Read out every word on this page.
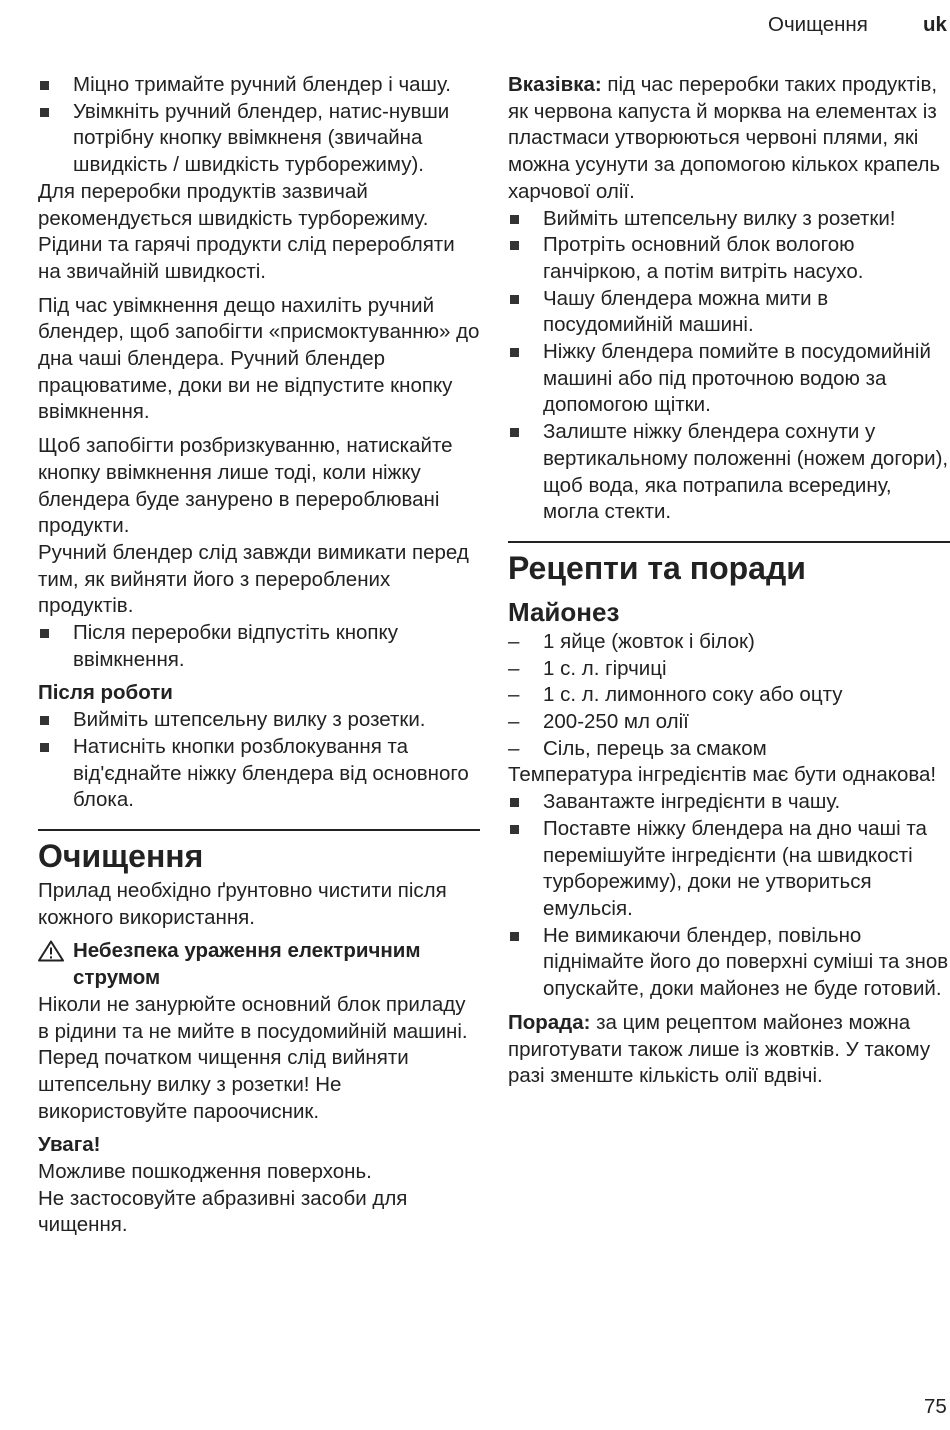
Очищення	uk

Міцно тримайте ручний блендер і чашу.

Увімкніть ручний блендер, натис-нувши потрібну кнопку ввімкненя (звичайна швидкість / швидкість турборежиму).

Для переробки продуктів зазвичай рекомендується швидкість турборежиму. Рідини та гарячі продукти слід переробляти на звичайній швидкості.

Під час увімкнення дещо нахиліть ручний блендер, щоб запобігти «присмоктуванню» до дна чаші блендера. Ручний блендер працюватиме, доки ви не відпустите кнопку ввімкнення.

Щоб запобігти розбризкуванню, натискайте кнопку ввімкнення лише тоді, коли ніжку блендера буде занурено в перероблювані продукти.

Ручний блендер слід завжди вимикати перед тим, як вийняти його з перероблених продуктів.

Після переробки відпустіть кнопку ввімкнення.

Після роботи

Вийміть штепсельну вилку з розетки.

Натисніть кнопки розблокування та від'єднайте ніжку блендера від основного блока.

Очищення

Прилад необхідно ґрунтовно чистити після кожного використання.

Небезпека ураження електричним струмом

Ніколи не занурюйте основний блок приладу в рідини та не мийте в посудомийній машині. Перед початком чищення слід вийняти штепсельну вилку з розетки! Не використовуйте пароочисник.

Увага!

Можливе пошкодження поверхонь.

Не застосовуйте абразивні засоби для чищення.

Вказівка: під час переробки таких продуктів, як червона капуста й морква на елементах із пластмаси утворюються червоні плями, які можна усунути за допомогою кількох крапель харчової олії.

Вийміть штепсельну вилку з розетки!

Протріть основний блок вологою ганчіркою, а потім витріть насухо.

Чашу блендера можна мити в посудомийній машині.

Ніжку блендера помийте в посудомийній машині або під проточною водою за допомогою щітки.

Залиште ніжку блендера сохнути у вертикальному положенні (ножем догори), щоб вода, яка потрапила всередину, могла стекти.

Рецепти та поради

Майонез

– 1 яйце (жовток і білок)

– 1 с. л. гірчиці

– 1 с. л. лимонного соку або оцту

– 200-250 мл олії

– Сіль, перець за смаком

Температура інгредієнтів має бути однакова!

Завантажте інгредієнти в чашу.

Поставте ніжку блендера на дно чаші та перемішуйте інгредієнти (на швидкості турборежиму), доки не утвориться емульсія.

Не вимикаючи блендер, повільно піднімайте його до поверхні суміші та знов опускайте, доки майонез не буде готовий.

Порада: за цим рецептом майонез можна приготувати також лише із жовтків. У такому разі зменште кількість олії вдвічі.

75
